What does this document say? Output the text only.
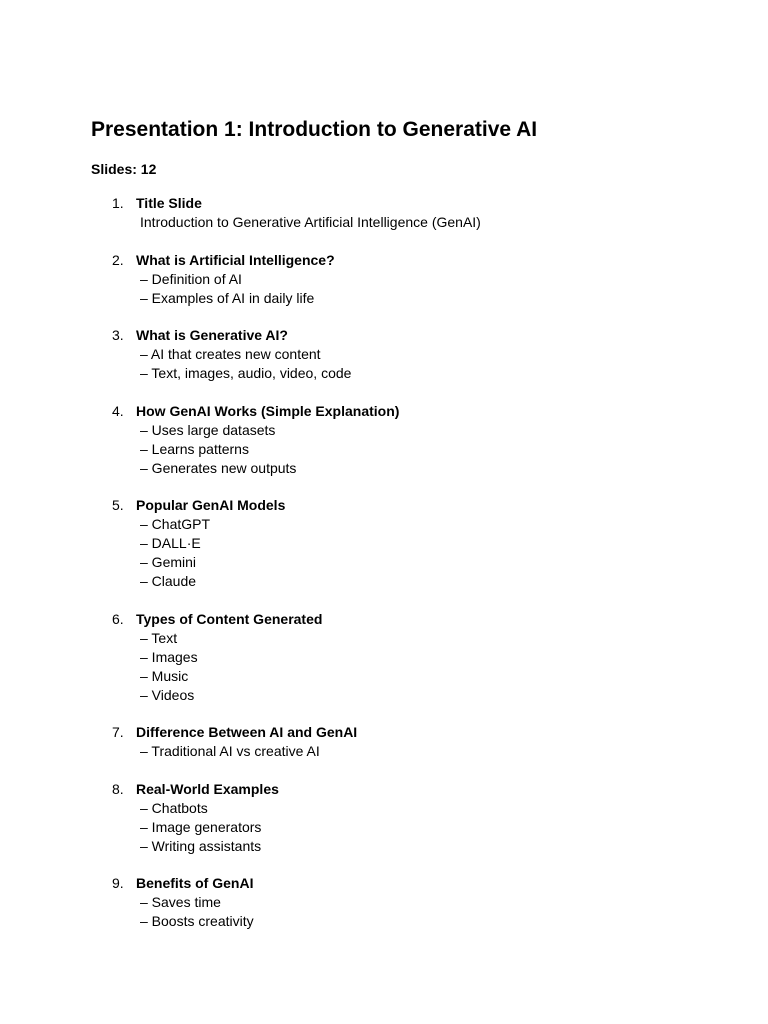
Presentation 1: Introduction to Generative AI
Slides: 12
1. Title Slide
Introduction to Generative Artificial Intelligence (GenAI)
2. What is Artificial Intelligence?
– Definition of AI
– Examples of AI in daily life
3. What is Generative AI?
– AI that creates new content
– Text, images, audio, video, code
4. How GenAI Works (Simple Explanation)
– Uses large datasets
– Learns patterns
– Generates new outputs
5. Popular GenAI Models
– ChatGPT
– DALL·E
– Gemini
– Claude
6. Types of Content Generated
– Text
– Images
– Music
– Videos
7. Difference Between AI and GenAI
– Traditional AI vs creative AI
8. Real-World Examples
– Chatbots
– Image generators
– Writing assistants
9. Benefits of GenAI
– Saves time
– Boosts creativity
